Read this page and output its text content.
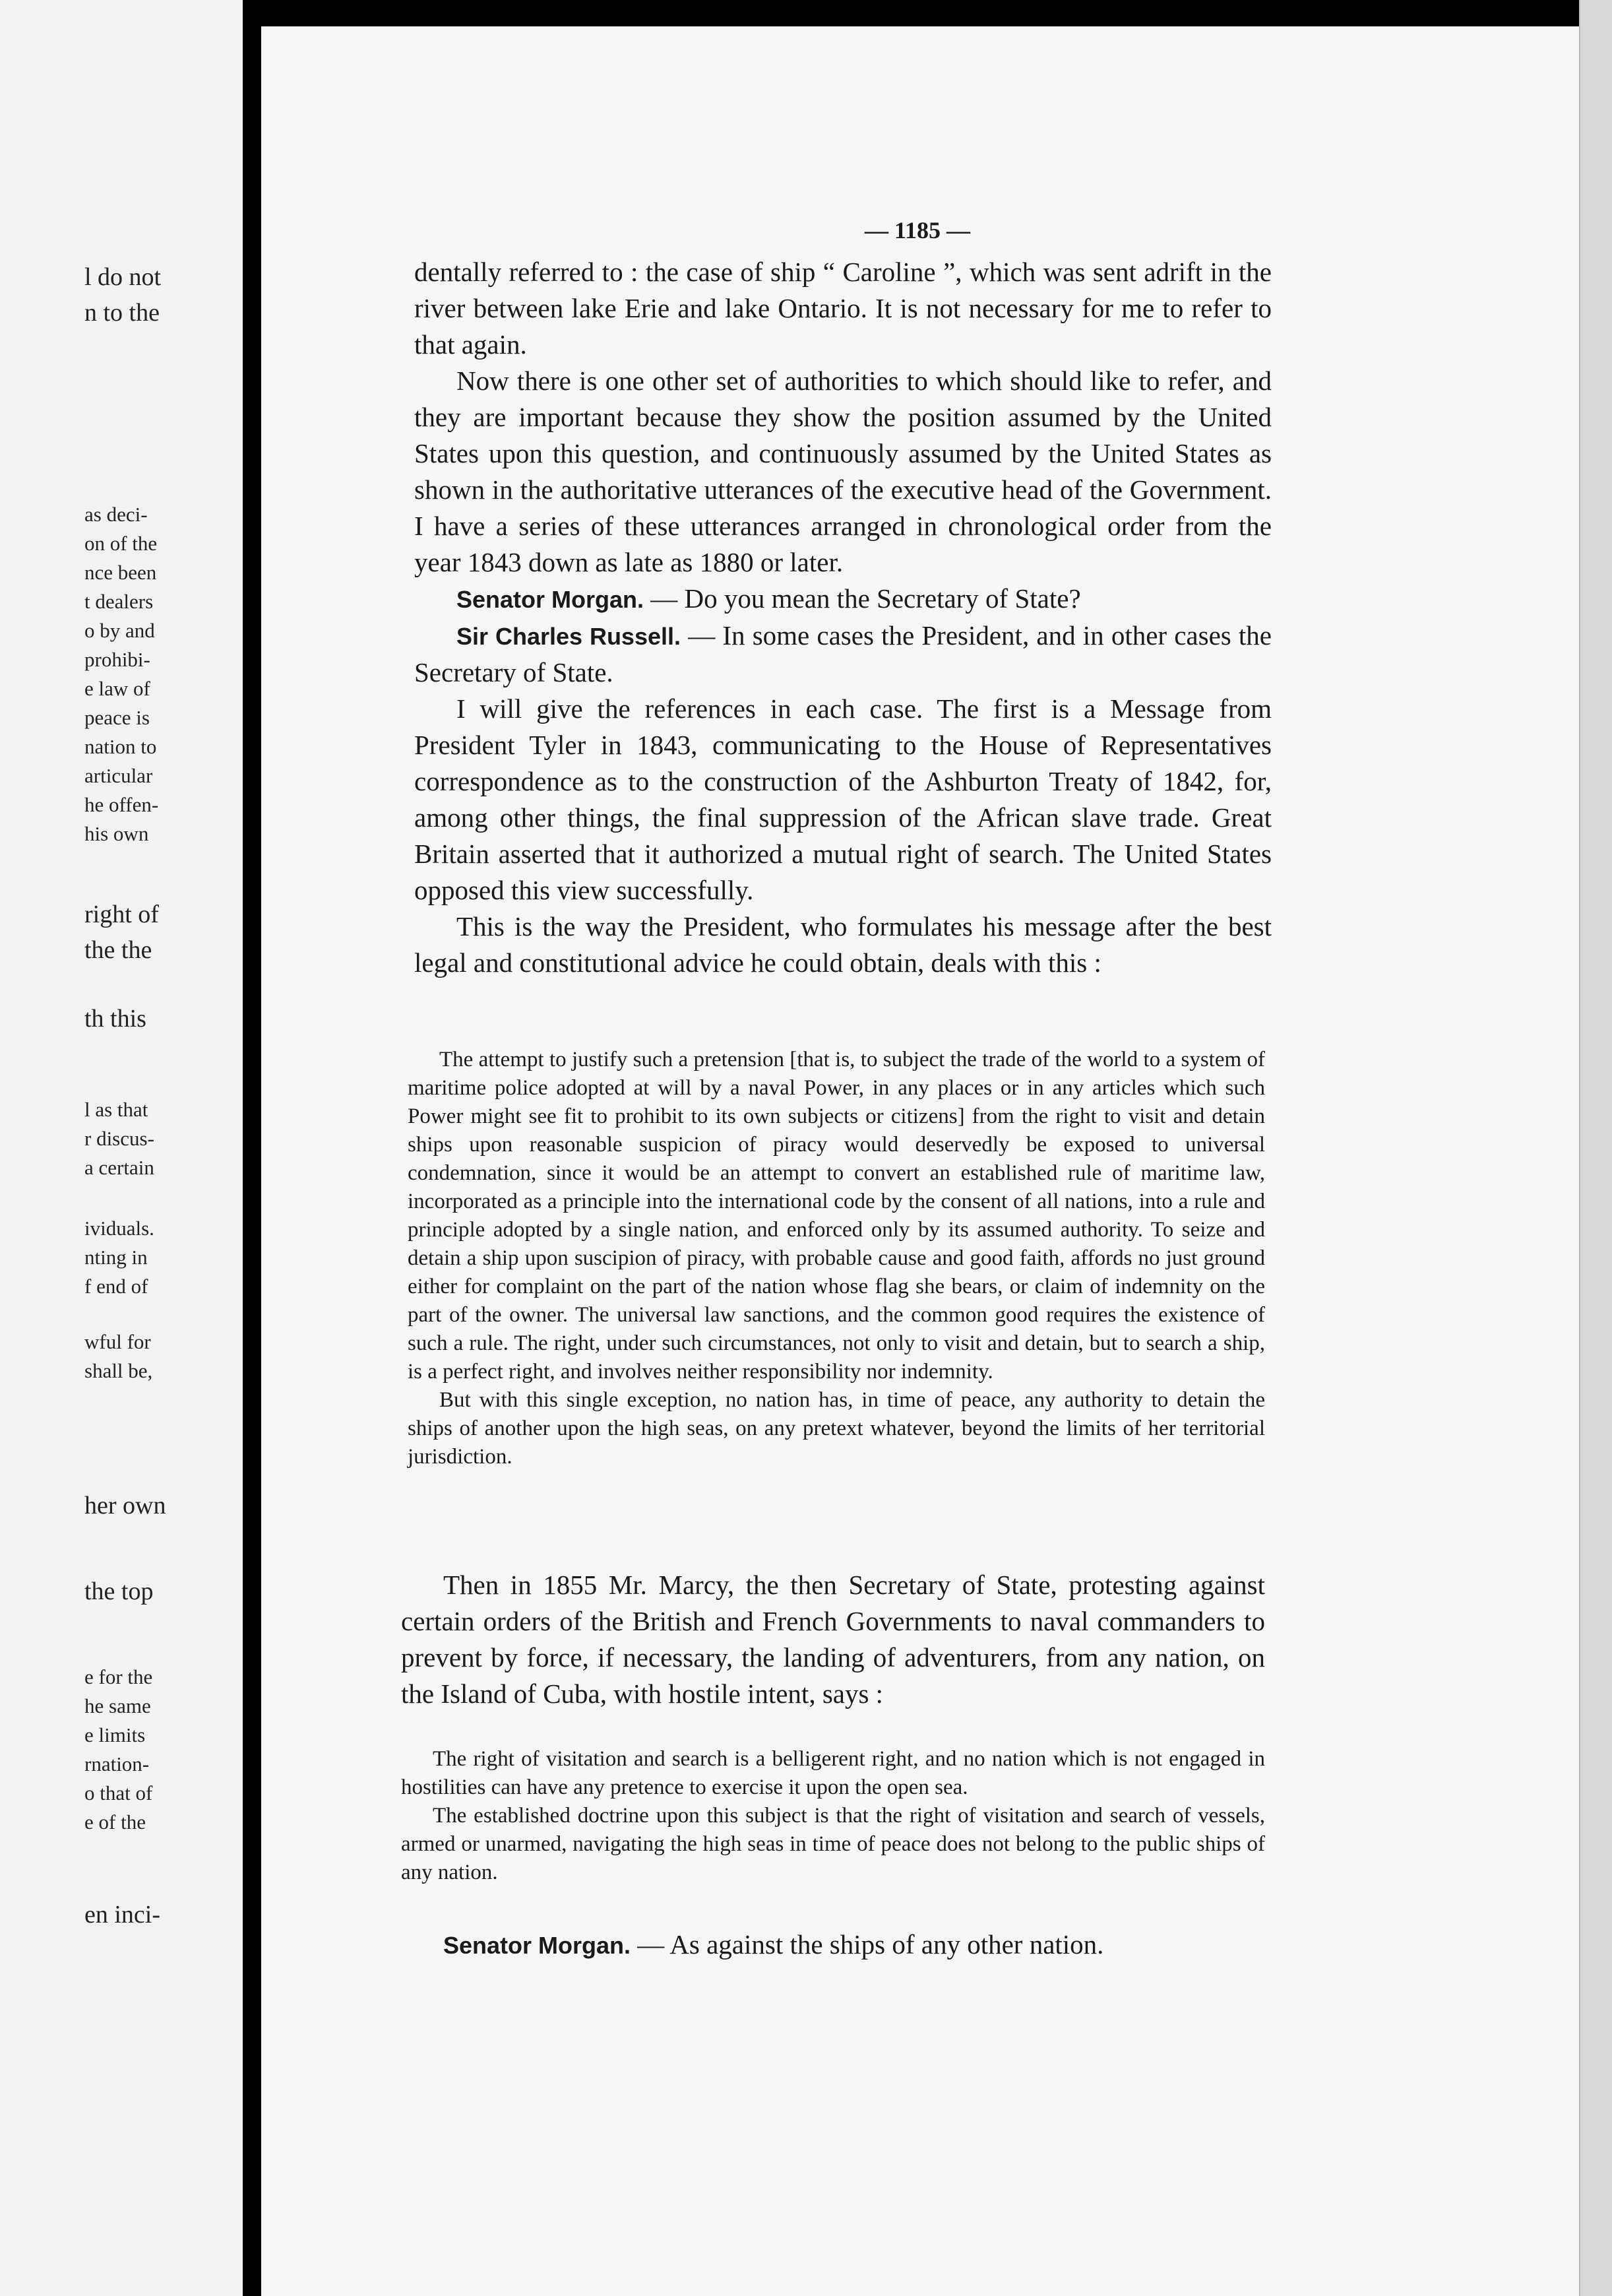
l do not
n to the
as deci-
on of the
nce been
t dealers
o by and
prohibi-
e law of
peace is
nation to
articular
he offen-
his own
right of
the the
th this
l as that
r discus-
a certain
ividuals.
nting in
f end of
wful for
shall be,
her own
the top
e for the
he same
e limits
rnation-
o that of
e of the
en inci-
— 1185 —

dentally referred to : the case of ship “ Caroline ”, which was sent adrift in the river between lake Erie and lake Ontario. It is not necessary for me to refer to that again.

Now there is one other set of authorities to which should like to refer, and they are important because they show the position assumed by the United States upon this question, and continuously assumed by the United States as shown in the authoritative utterances of the executive head of the Government. I have a series of these utterances arranged in chronological order from the year 1843 down as late as 1880 or later.

Senator Morgan. — Do you mean the Secretary of State?

Sir Charles Russell. — In some cases the President, and in other cases the Secretary of State.

I will give the references in each case. The first is a Message from President Tyler in 1843, communicating to the House of Representatives correspondence as to the construction of the Ashburton Treaty of 1842, for, among other things, the final suppression of the African slave trade. Great Britain asserted that it authorized a mutual right of search. The United States opposed this view successfully.

This is the way the President, who formulates his message after the best legal and constitutional advice he could obtain, deals with this :

The attempt to justify such a pretension [that is, to subject the trade of the world to a system of maritime police adopted at will by a naval Power, in any places or in any articles which such Power might see fit to prohibit to its own subjects or citizens] from the right to visit and detain ships upon reasonable suspicion of piracy would deservedly be exposed to universal condemnation, since it would be an attempt to convert an established rule of maritime law, incorporated as a principle into the international code by the consent of all nations, into a rule and principle adopted by a single nation, and enforced only by its assumed authority. To seize and detain a ship upon suscipion of piracy, with probable cause and good faith, affords no just ground either for complaint on the part of the nation whose flag she bears, or claim of indemnity on the part of the owner. The universal law sanctions, and the common good requires the existence of such a rule. The right, under such circumstances, not only to visit and detain, but to search a ship, is a perfect right, and involves neither responsibility nor indemnity.

But with this single exception, no nation has, in time of peace, any authority to detain the ships of another upon the high seas, on any pretext whatever, beyond the limits of her territorial jurisdiction.

Then in 1855 Mr. Marcy, the then Secretary of State, protesting against certain orders of the British and French Governments to naval commanders to prevent by force, if necessary, the landing of adventurers, from any nation, on the Island of Cuba, with hostile intent, says :

The right of visitation and search is a belligerent right, and no nation which is not engaged in hostilities can have any pretence to exercise it upon the open sea.

The established doctrine upon this subject is that the right of visitation and search of vessels, armed or unarmed, navigating the high seas in time of peace does not belong to the public ships of any nation.

Senator Morgan. — As against the ships of any other nation.
